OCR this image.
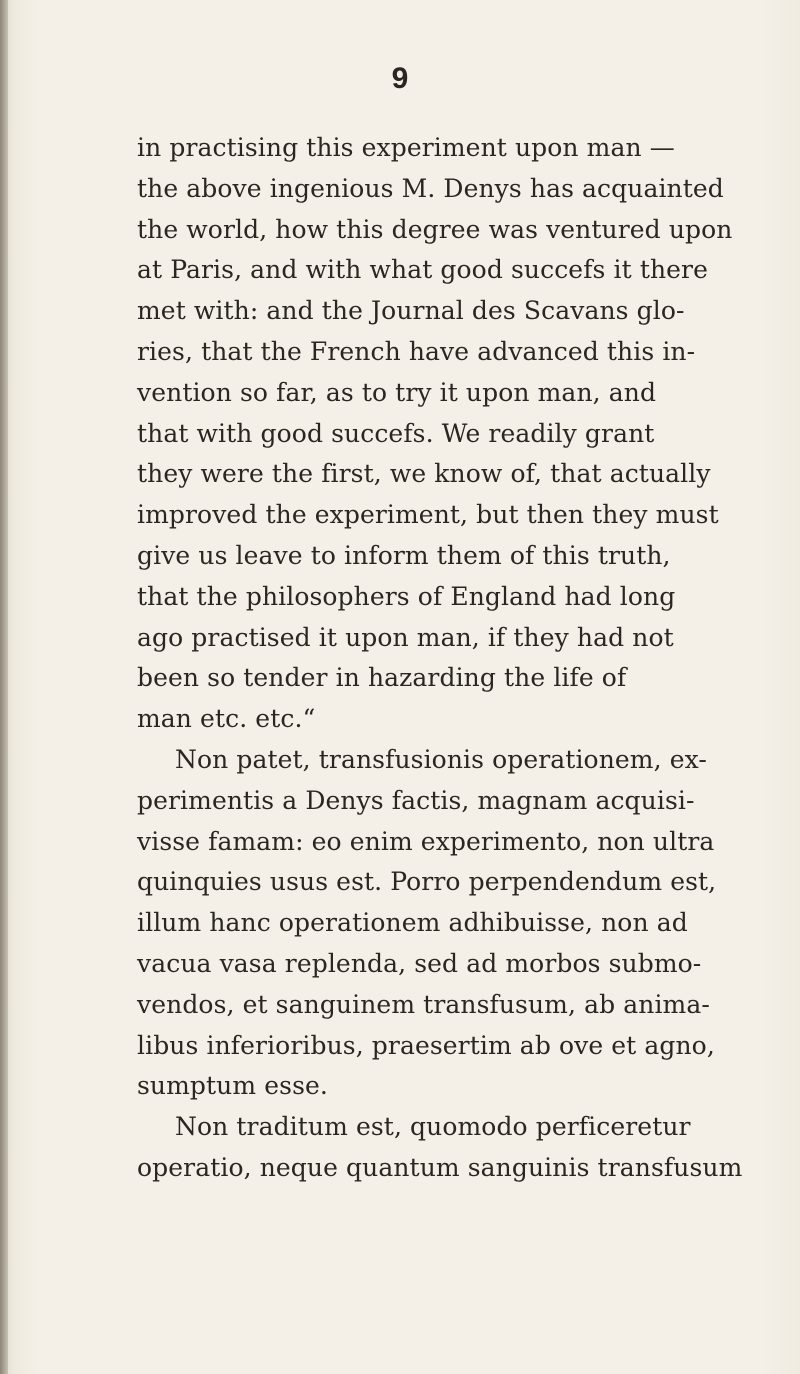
9
in practising this experiment upon man —
the above ingenious M. Denys has acquainted
the world, how this degree was ventured upon
at Paris, and with what good succefs it there
met with: and the Journal des Scavans glo-
ries, that the French have advanced this in-
vention so far, as to try it upon man, and
that with good succefs. We readily grant
they were the first, we know of, that actually
improved the experiment, but then they must
give us leave to inform them of this truth,
that the philosophers of England had long
ago practised it upon man, if they had not
been so tender in hazarding the life of
man etc. etc.“
Non patet, transfusionis operationem, ex-
perimentis a Denys factis, magnam acquisi-
visse famam: eo enim experimento, non ultra
quinquies usus est. Porro perpendendum est,
illum hanc operationem adhibuisse, non ad
vacua vasa replenda, sed ad morbos submo-
vendos, et sanguinem transfusum, ab anima-
libus inferioribus, praesertim ab ove et agno,
sumptum esse.
Non traditum est, quomodo perficeretur
operatio, neque quantum sanguinis transfusum
